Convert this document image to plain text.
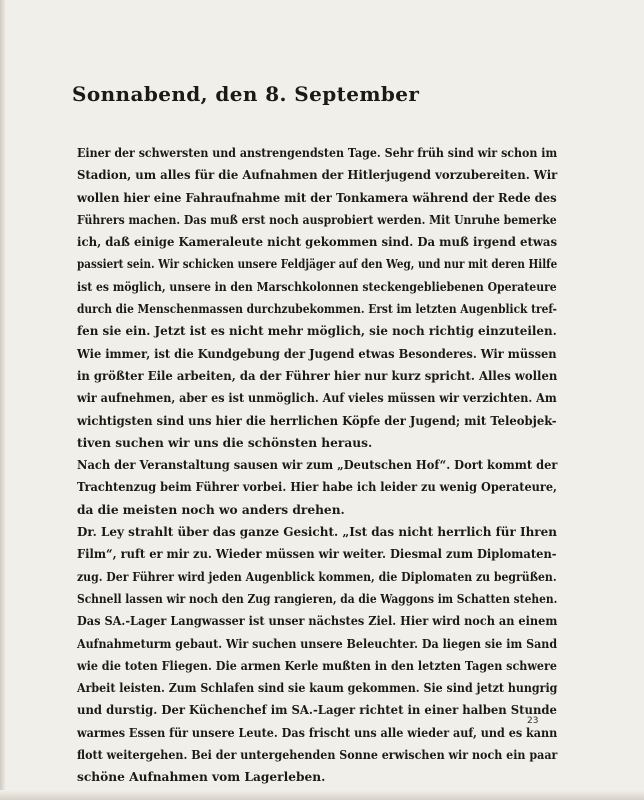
Sonnabend, den 8. September
Einer der schwersten und anstrengendsten Tage. Sehr früh sind wir schon im
Stadion, um alles für die Aufnahmen der Hitlerjugend vorzubereiten. Wir
wollen hier eine Fahraufnahme mit der Tonkamera während der Rede des
Führers machen. Das muß erst noch ausprobiert werden. Mit Unruhe bemerke
ich, daß einige Kameraleute nicht gekommen sind. Da muß irgend etwas
passiert sein. Wir schicken unsere Feldjäger auf den Weg, und nur mit deren Hilfe
ist es möglich, unsere in den Marschkolonnen steckengebliebenen Operateure
durch die Menschenmassen durchzubekommen. Erst im letzten Augenblick tref-
fen sie ein. Jetzt ist es nicht mehr möglich, sie noch richtig einzuteilen.
Wie immer, ist die Kundgebung der Jugend etwas Besonderes. Wir müssen
in größter Eile arbeiten, da der Führer hier nur kurz spricht. Alles wollen
wir aufnehmen, aber es ist unmöglich. Auf vieles müssen wir verzichten. Am
wichtigsten sind uns hier die herrlichen Köpfe der Jugend; mit Teleobjek-
tiven suchen wir uns die schönsten heraus.
Nach der Veranstaltung sausen wir zum „Deutschen Hof“. Dort kommt der
Trachtenzug beim Führer vorbei. Hier habe ich leider zu wenig Operateure,
da die meisten noch wo anders drehen.
Dr. Ley strahlt über das ganze Gesicht. „Ist das nicht herrlich für Ihren
Film“, ruft er mir zu. Wieder müssen wir weiter. Diesmal zum Diplomaten-
zug. Der Führer wird jeden Augenblick kommen, die Diplomaten zu begrüßen.
Schnell lassen wir noch den Zug rangieren, da die Waggons im Schatten stehen.
Das SA.-Lager Langwasser ist unser nächstes Ziel. Hier wird noch an einem
Aufnahmeturm gebaut. Wir suchen unsere Beleuchter. Da liegen sie im Sand
wie die toten Fliegen. Die armen Kerle mußten in den letzten Tagen schwere
Arbeit leisten. Zum Schlafen sind sie kaum gekommen. Sie sind jetzt hungrig
und durstig. Der Küchenchef im SA.-Lager richtet in einer halben Stunde
warmes Essen für unsere Leute. Das frischt uns alle wieder auf, und es kann
flott weitergehen. Bei der untergehenden Sonne erwischen wir noch ein paar
schöne Aufnahmen vom Lagerleben.
23
